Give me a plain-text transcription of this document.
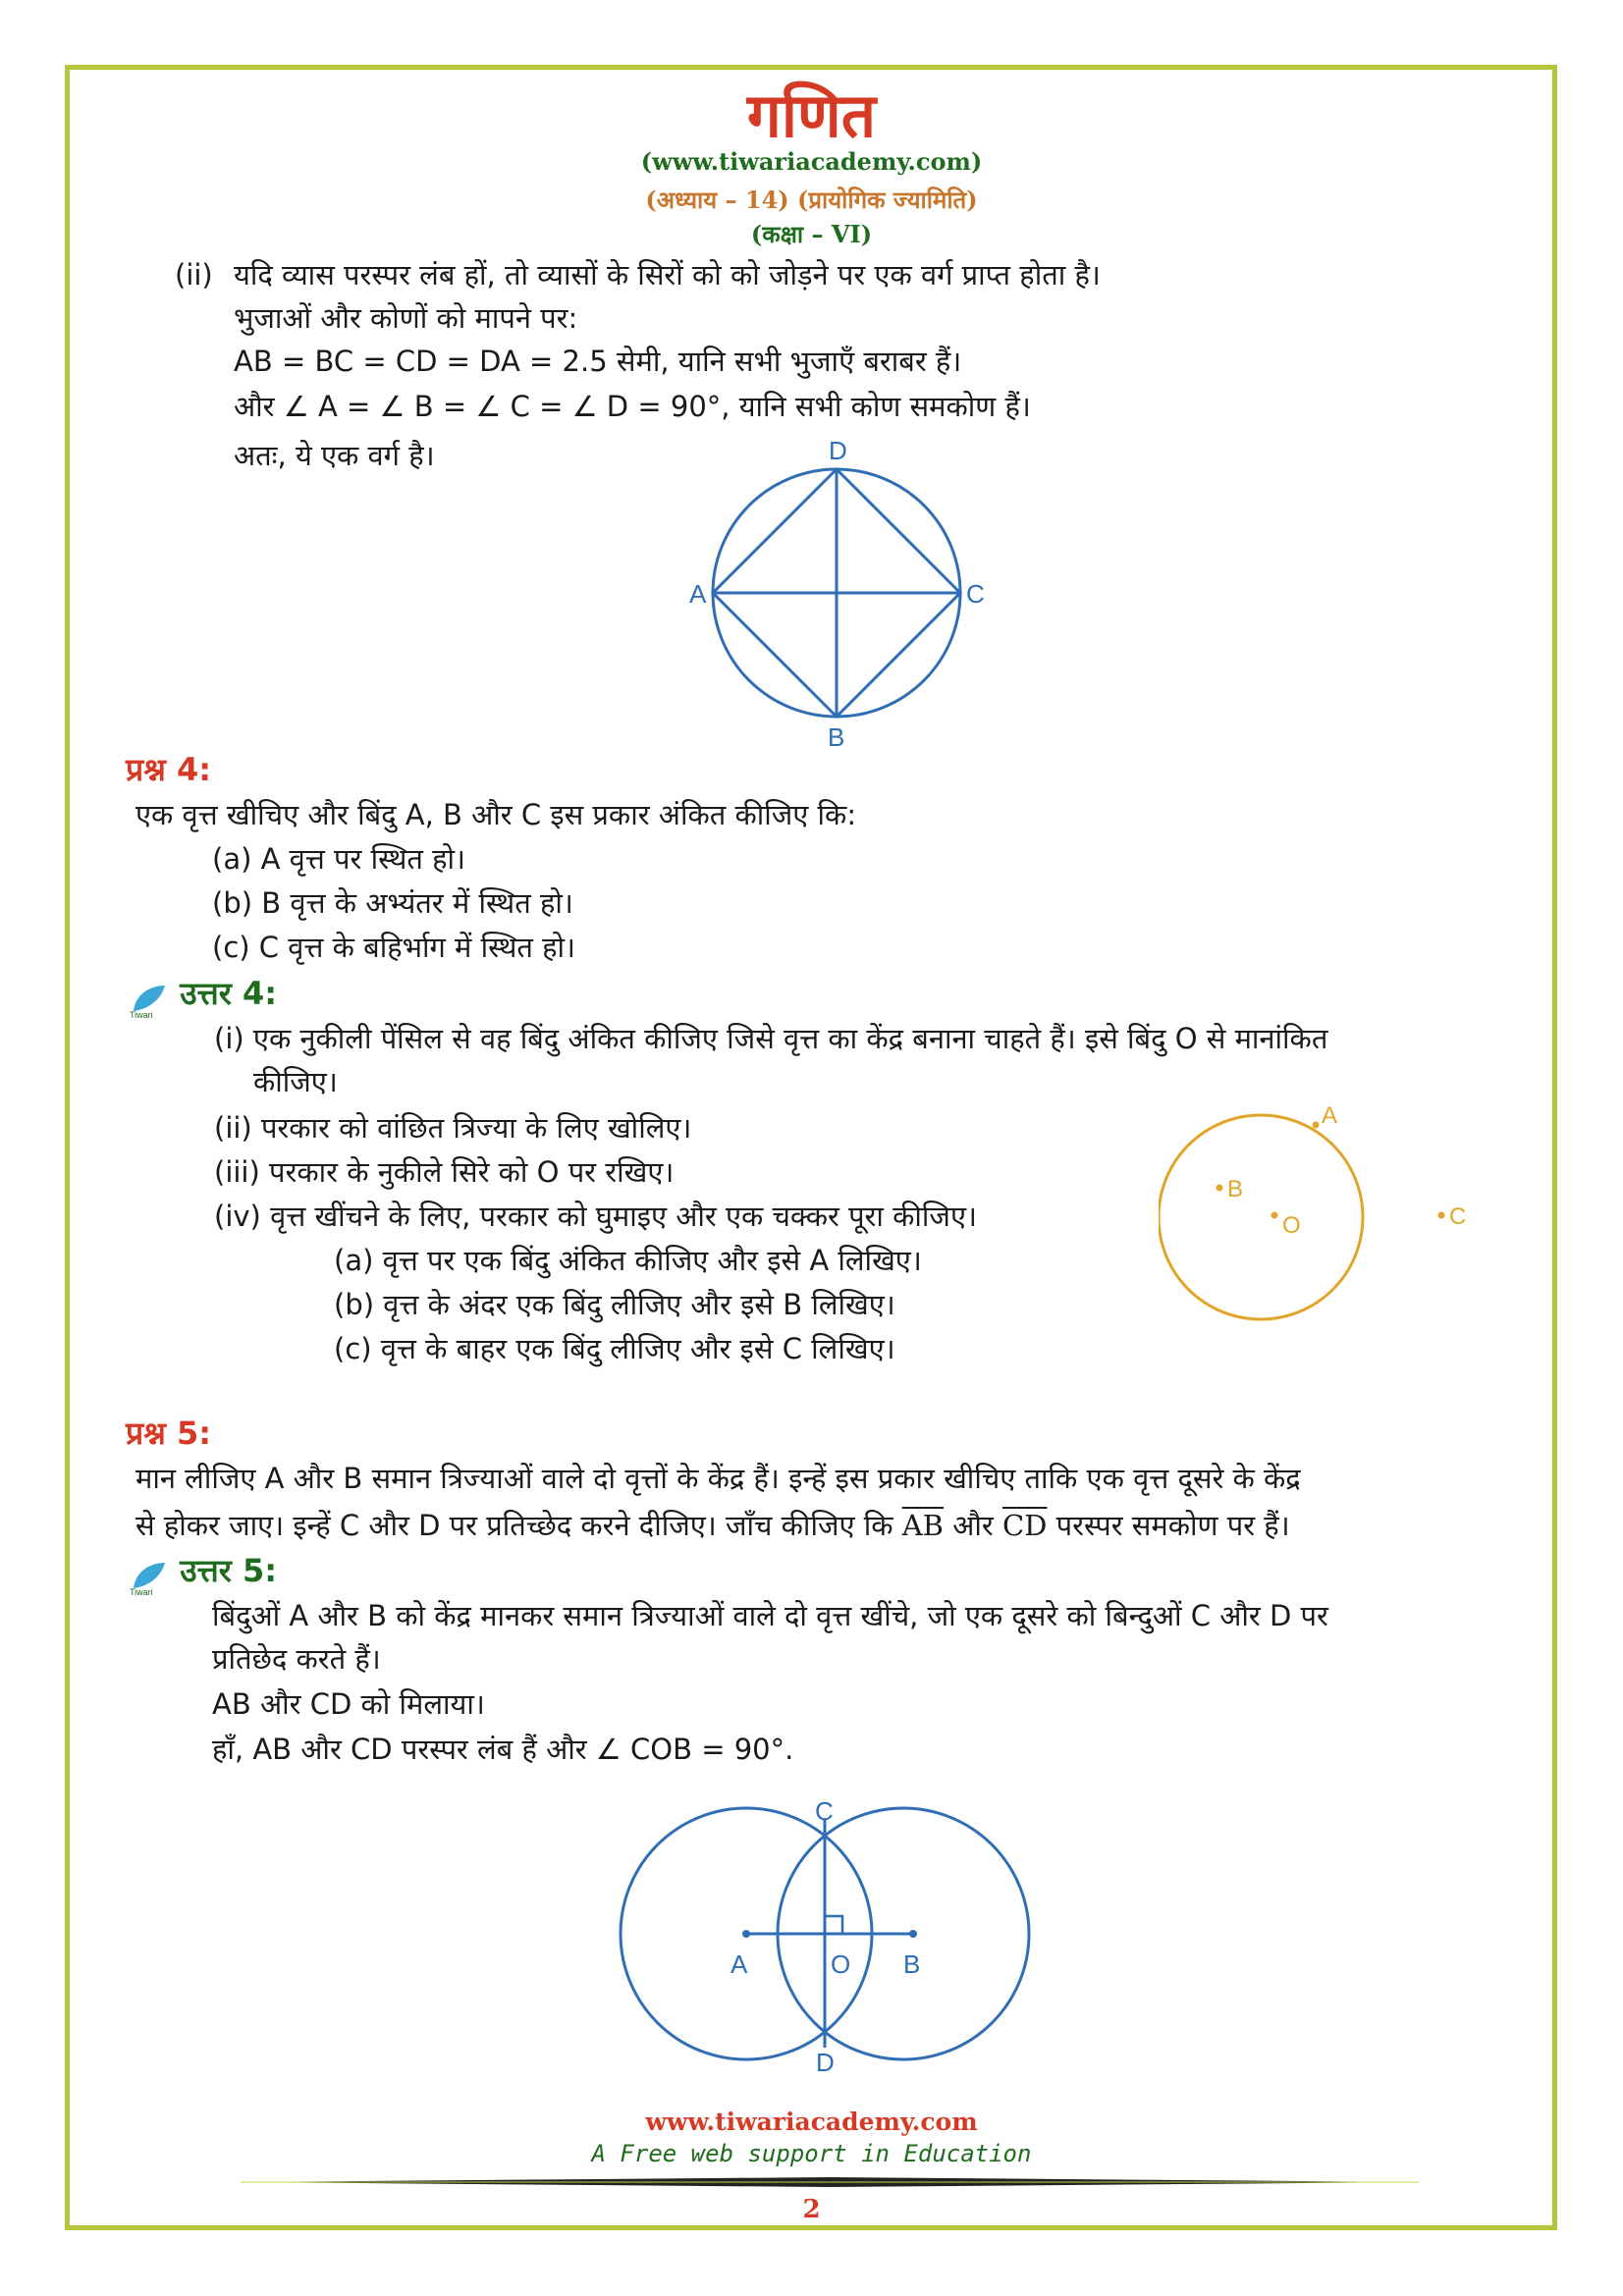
गणित
(www.tiwariacademy.com)
(अध्याय – 14) (प्रायोगिक ज्यामिति)
(कक्षा – VI)
(ii) यदि व्यास परस्पर लंब हों, तो व्यासों के सिरों को को जोड़ने पर एक वर्ग प्राप्त होता है।
भुजाओं और कोणों को मापने पर:
AB = BC = CD = DA = 2.5 सेमी, यानि सभी भुजाएँ बराबर हैं।
और ∠ A = ∠ B = ∠ C = ∠ D = 90°, यानि सभी कोण समकोण हैं।
अतः, ये एक वर्ग है।	D
A	C
B
प्रश्न 4:
एक वृत्त खीचिए और बिंदु A, B और C इस प्रकार अंकित कीजिए कि:
(a) A वृत्त पर स्थित हो।
(b) B वृत्त के अभ्यंतर में स्थित हो।
(c) C वृत्त के बहिर्भाग में स्थित हो।
Tiwari
उत्तर 4:
(i) एक नुकीली पेंसिल से वह बिंदु अंकित कीजिए जिसे वृत्त का केंद्र बनाना चाहते हैं। इसे बिंदु O से मानांकित
कीजिए।
(ii) परकार को वांछित त्रिज्या के लिए खोलिए।
(iii) परकार के नुकीले सिरे को O पर रखिए।
(iv) वृत्त खींचने के लिए, परकार को घुमाइए और एक चक्कर पूरा कीजिए।
(a) वृत्त पर एक बिंदु अंकित कीजिए और इसे A लिखिए।
(b) वृत्त के अंदर एक बिंदु लीजिए और इसे B लिखिए।
(c) वृत्त के बाहर एक बिंदु लीजिए और इसे C लिखिए।
A
B
O	C
प्रश्न 5:
मान लीजिए A और B समान त्रिज्याओं वाले दो वृत्तों के केंद्र हैं। इन्हें इस प्रकार खीचिए ताकि एक वृत्त दूसरे के केंद्र
से होकर जाए। इन्हें C और D पर प्रतिच्छेद करने दीजिए। जाँच कीजिए कि $\overline{AB}$ और $\overline{CD}$ परस्पर समकोण पर हैं।
Tiwari
उत्तर 5:
बिंदुओं A और B को केंद्र मानकर समान त्रिज्याओं वाले दो वृत्त खींचे, जो एक दूसरे को बिन्दुओं C और D पर
प्रतिछेद करते हैं।
AB और CD को मिलाया।
हाँ, AB और CD परस्पर लंब हैं और ∠ COB = 90°.
C
A	O B
D
www.tiwariacademy.com
A Free web support in Education
2
